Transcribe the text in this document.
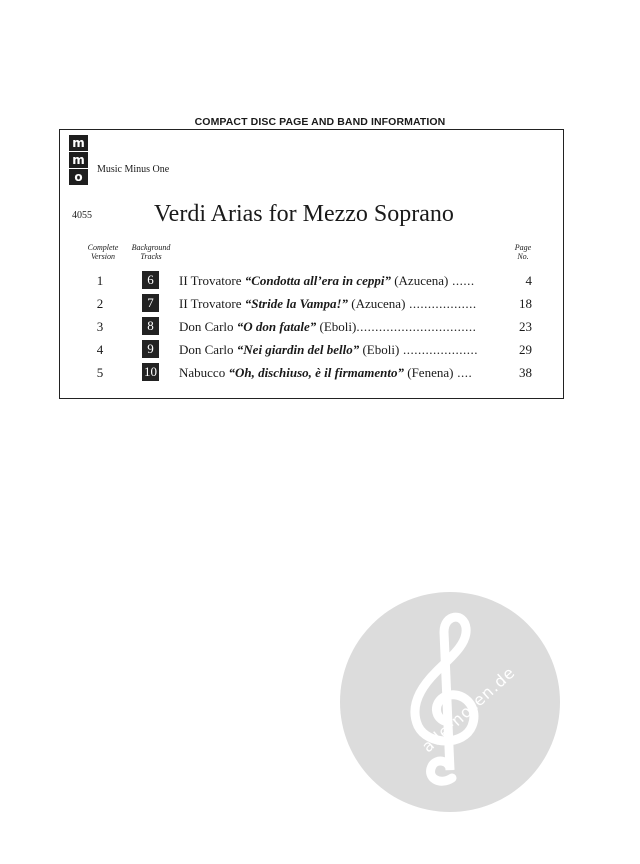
COMPACT DISC PAGE AND BAND INFORMATION
m
m
o
Music Minus One
4055	Verdi Arias for Mezzo Soprano
Complete
Version
Background
Tracks
Page
No.
1	6	II Trovatore “Condotta all’era in ceppi” (Azucena) ......	4
2	7	II Trovatore “Stride la Vampa!” (Azucena) ..................	18
3	8	Don Carlo “O don fatale” (Eboli)................................	23
4	9	Don Carlo “Nei giardin del bello” (Eboli) ....................	29
5	10 Nabucco “Oh, dischiuso, è il firmamento” (Fenena) ....	38
alle-noten.de
